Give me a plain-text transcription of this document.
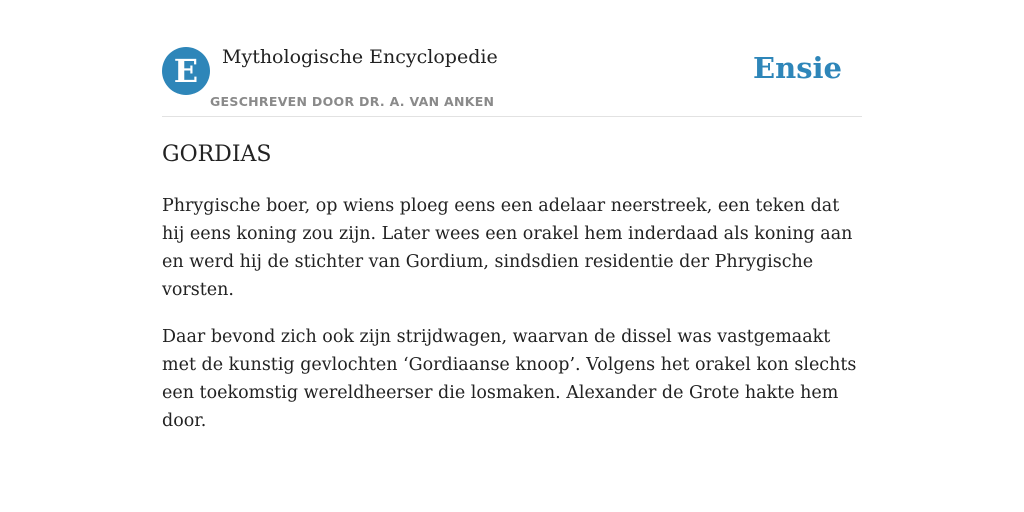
E	Mythologische Encyclopedie
GESCHREVEN DOOR DR. A. VAN ANKEN
Ensie
GORDIAS

Phrygische boer, op wiens ploeg eens een adelaar neerstreek, een teken dat hij eens koning zou zijn. Later wees een orakel hem inderdaad als koning aan en werd hij de stichter van Gordium, sindsdien residentie der Phrygische vorsten.

Daar bevond zich ook zijn strijdwagen, waarvan de dissel was vastgemaakt met de kunstig gevlochten ‘Gordiaanse knoop’. Volgens het orakel kon slechts een toekomstig wereldheerser die losmaken. Alexander de Grote hakte hem door.
